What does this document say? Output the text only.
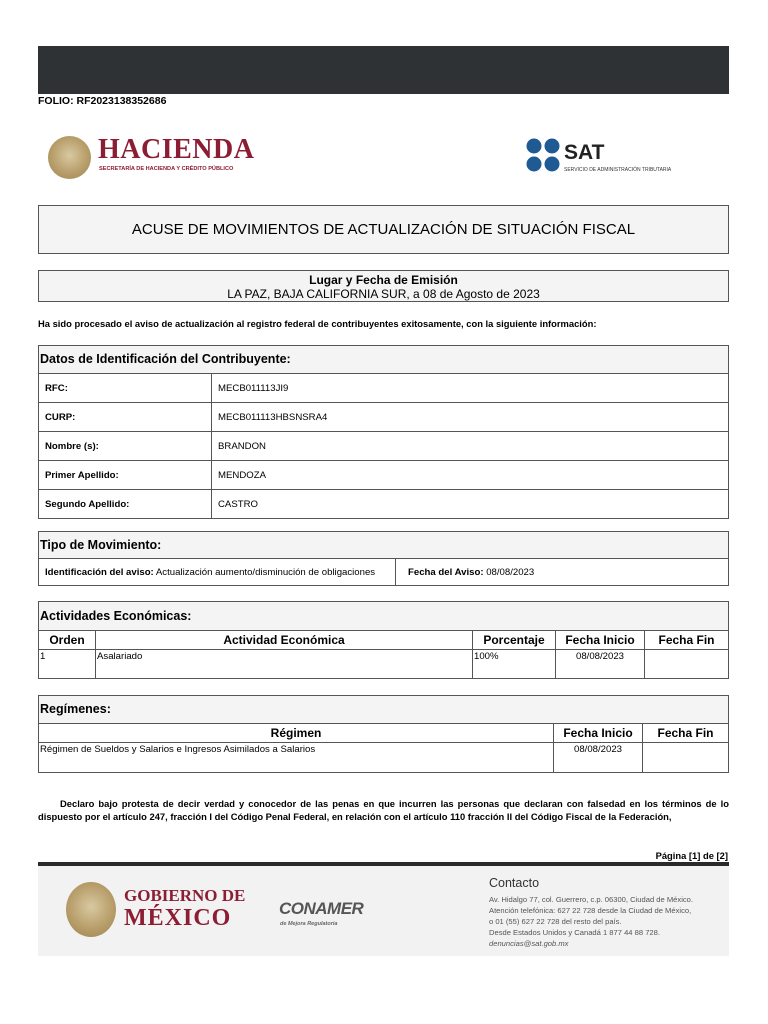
FOLIO: RF2023138352686
HACIENDA
SECRETARÍA DE HACIENDA Y CRÉDITO PÚBLICO
SAT
SERVICIO DE ADMINISTRACIÓN TRIBUTARIA
ACUSE DE MOVIMIENTOS DE ACTUALIZACIÓN DE SITUACIÓN FISCAL
Lugar y Fecha de Emisión
LA PAZ, BAJA CALIFORNIA SUR, a 08 de Agosto de 2023
Ha sido procesado el aviso de actualización al registro federal de contribuyentes exitosamente, con la siguiente información:
Datos de Identificación del Contribuyente:
RFC:	MECB011113JI9
CURP:	MECB011113HBSNSRA4
Nombre (s):	BRANDON
Primer Apellido:	MENDOZA
Segundo Apellido:	CASTRO
Tipo de Movimiento:
Identificación del aviso: Actualización aumento/disminución de obligaciones	Fecha del Aviso: 08/08/2023
Actividades Económicas:
Orden	Actividad Económica	Porcentaje	Fecha Inicio	Fecha Fin
1	Asalariado	100%	08/08/2023	
Regímenes:
Régimen	Fecha Inicio	Fecha Fin
Régimen de Sueldos y Salarios e Ingresos Asimilados a Salarios	08/08/2023	
Declaro bajo protesta de decir verdad y conocedor de las penas en que incurren las personas que declaran con falsedad en los términos de lo dispuesto por el artículo 247, fracción I del Código Penal Federal, en relación con el artículo 110 fracción II del Código Fiscal de la Federación,
Página [1] de [2]
GOBIERNO DE
MÉXICO	CONAMER
de Mejora Regulatoria
Contacto
Av. Hidalgo 77, col. Guerrero, c.p. 06300, Ciudad de México.
Atención telefónica: 627 22 728 desde la Ciudad de México,
o 01 (55) 627 22 728 del resto del país.
Desde Estados Unidos y Canadá 1 877 44 88 728.
denuncias@sat.gob.mx
